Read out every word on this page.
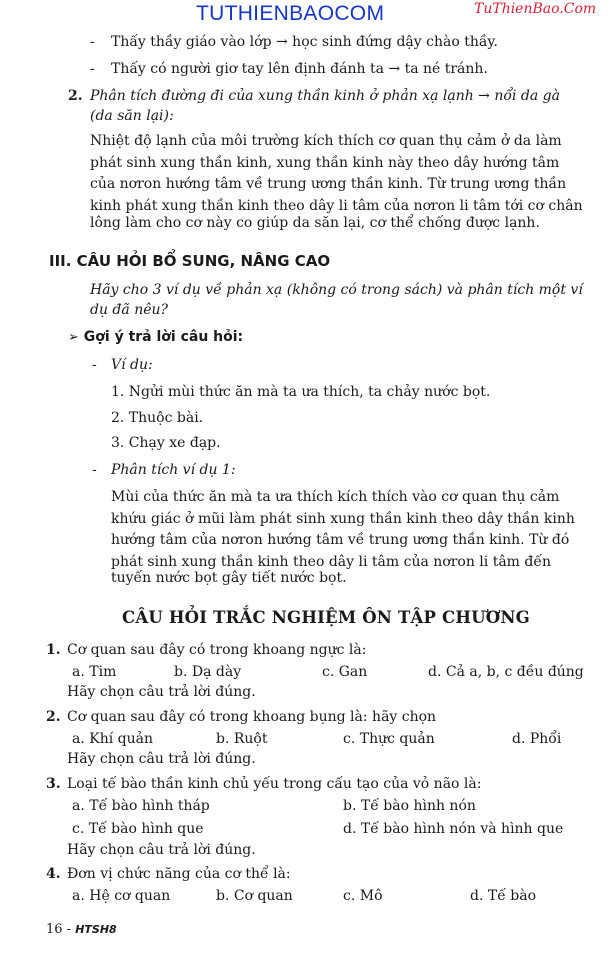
TUTHIENBAOCOM	TuThienBao.Com
- Thấy thầy giáo vào lớp → học sinh đứng dậy chào thầy.
- Thấy có người giơ tay lên định đánh ta → ta né tránh.
2. Phân tích đường đi của xung thần kinh ở phản xạ lạnh → nổi da gà
(da săn lại):
Nhiệt độ lạnh của môi trường kích thích cơ quan thụ cảm ở da làm
phát sinh xung thần kinh, xung thần kinh này theo dây hướng tâm
của nơron hướng tâm về trung ương thần kinh. Từ trung ương thần
kinh phát xung thần kinh theo dây li tâm của nơron li tâm tới cơ chân
lông làm cho cơ này co giúp da săn lại, cơ thể chống được lạnh.
III. CÂU HỎI BỔ SUNG, NÂNG CAO
Hãy cho 3 ví dụ về phản xạ (không có trong sách) và phân tích một ví
dụ đã nêu?
➢ Gợi ý trả lời câu hỏi:
- Ví dụ:
1. Ngửi mùi thức ăn mà ta ưa thích, ta chảy nước bọt.
2. Thuộc bài.
3. Chạy xe đạp.
- Phân tích ví dụ 1:
Mùi của thức ăn mà ta ưa thích kích thích vào cơ quan thụ cảm
khứu giác ở mũi làm phát sinh xung thần kinh theo dây thần kinh
hướng tâm của nơron hướng tâm về trung ương thần kinh. Từ đó
phát sinh xung thần kinh theo dây li tâm của nơron li tâm đến
tuyến nước bọt gây tiết nước bọt.
CÂU HỎI TRẮC NGHIỆM ÔN TẬP CHƯƠNG
1. Cơ quan sau đây có trong khoang ngực là:
a. Tim	b. Dạ dày	c. Gan	d. Cả a, b, c đều đúng
Hãy chọn câu trả lời đúng.
2. Cơ quan sau đây có trong khoang bụng là: hãy chọn
a. Khí quản	b. Ruột	c. Thực quản	d. Phổi
Hãy chọn câu trả lời đúng.
3. Loại tế bào thần kinh chủ yếu trong cấu tạo của vỏ não là:
a. Tế bào hình tháp	b. Tế bào hình nón
c. Tế bào hình que	d. Tế bào hình nón và hình que
Hãy chọn câu trả lời đúng.
4. Đơn vị chức năng của cơ thể là:
a. Hệ cơ quan	b. Cơ quan	c. Mô	d. Tế bào
16 - HTSH8
